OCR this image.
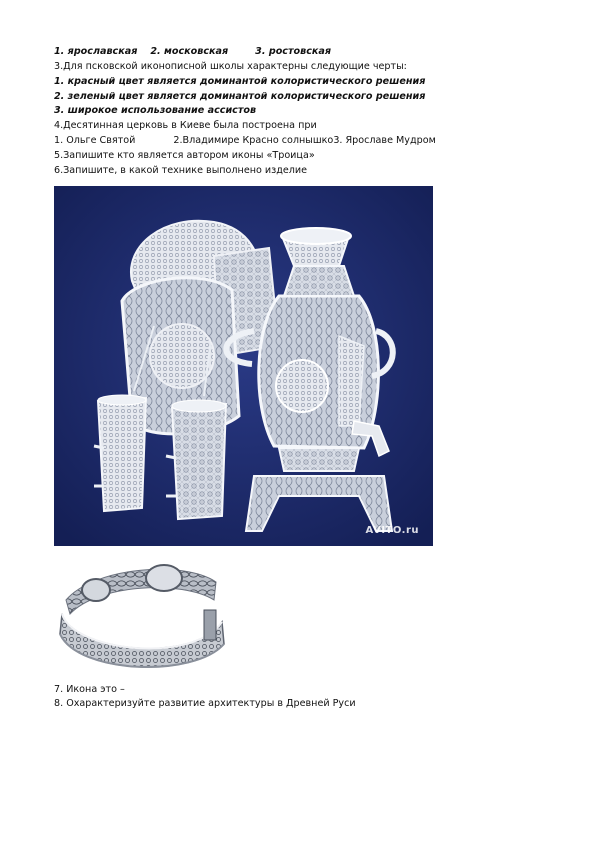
1. ярославская 2. московская	3. ростовская
3.Для псковской иконописной школы характерны следующие черты:
1. красный цвет является доминантой колористического решения
2. зеленый цвет является доминантой колористического решения
3. широкое использование ассистов
4.Десятинная церковь в Киеве была построена при
1. Ольге Святой	2.Владимире Красно солнышко3. Ярославе Мудром
5.Запишите кто является автором иконы «Троица»
6.Запишите, в какой технике выполнено изделие
AVITO.ru
7. Икона это –
8. Охарактеризуйте развитие архитектуры в Древней Руси
